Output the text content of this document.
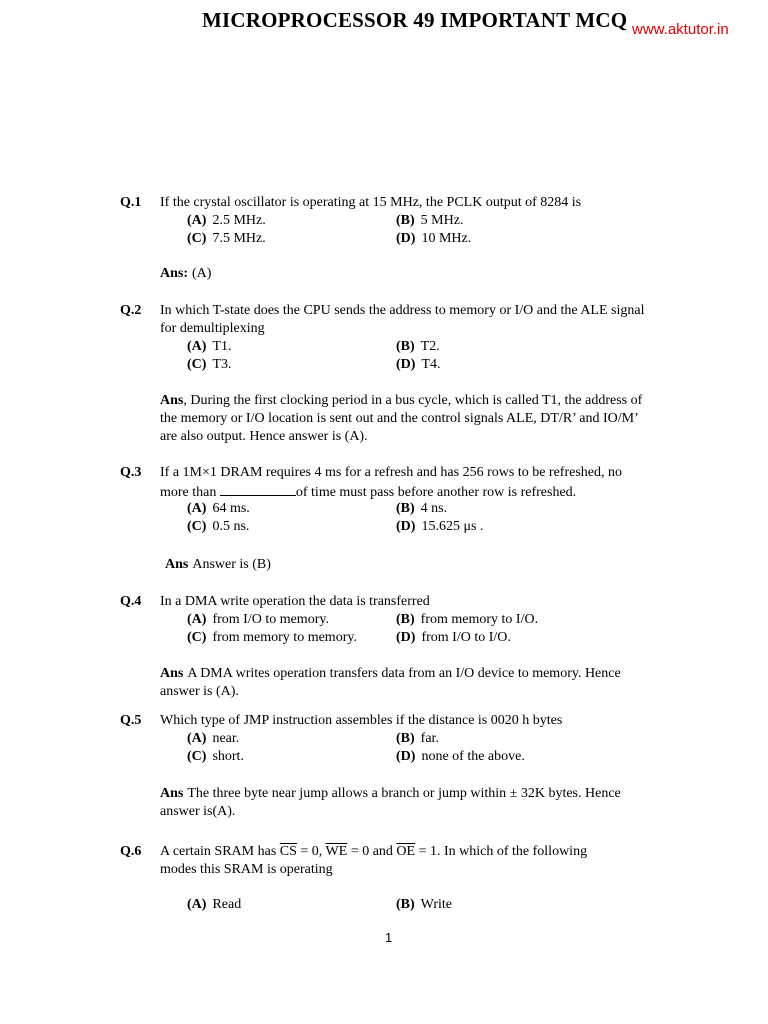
MICROPROCESSOR 49 IMPORTANT MCQ www.aktutor.in
Q.1 If the crystal oscillator is operating at 15 MHz, the PCLK output of 8284 is
(A) 2.5 MHz.	(B) 5 MHz.
(C) 7.5 MHz.	(D) 10 MHz.
Ans: (A)
Q.2 In which T-state does the CPU sends the address to memory or I/O and the ALE signal
for demultiplexing
(A) T1.	(B) T2.
(C) T3.	(D) T4.
Ans, During the first clocking period in a bus cycle, which is called T1, the address of
the memory or I/O location is sent out and the control signals ALE, DT/R’ and IO/M’
are also output. Hence answer is (A).
Q.3 If a 1M×1 DRAM requires 4 ms for a refresh and has 256 rows to be refreshed, no
more than	of time must pass before another row is refreshed.
(A) 64 ms.	(B) 4 ns.
(C) 0.5 ns.	(D) 15.625 μs .
Ans Answer is (B)
Q.4 In a DMA write operation the data is transferred
(A) from I/O to memory.	(B) from memory to I/O.
(C) from memory to memory.	(D) from I/O to I/O.
Ans A DMA writes operation transfers data from an I/O device to memory. Hence
answer is (A).
Q.5 Which type of JMP instruction assembles if the distance is 0020 h bytes
(A) near.	(B) far.
(C) short.	(D) none of the above.
Ans The three byte near jump allows a branch or jump within ± 32K bytes. Hence
answer is(A).
Q.6 A certain SRAM has $\overline{CS} = 0$, $\overline{WE} = 0$ and $\overline{OE} = 1$. In which of the following
modes this SRAM is operating
(A) Read	(B) Write
1
